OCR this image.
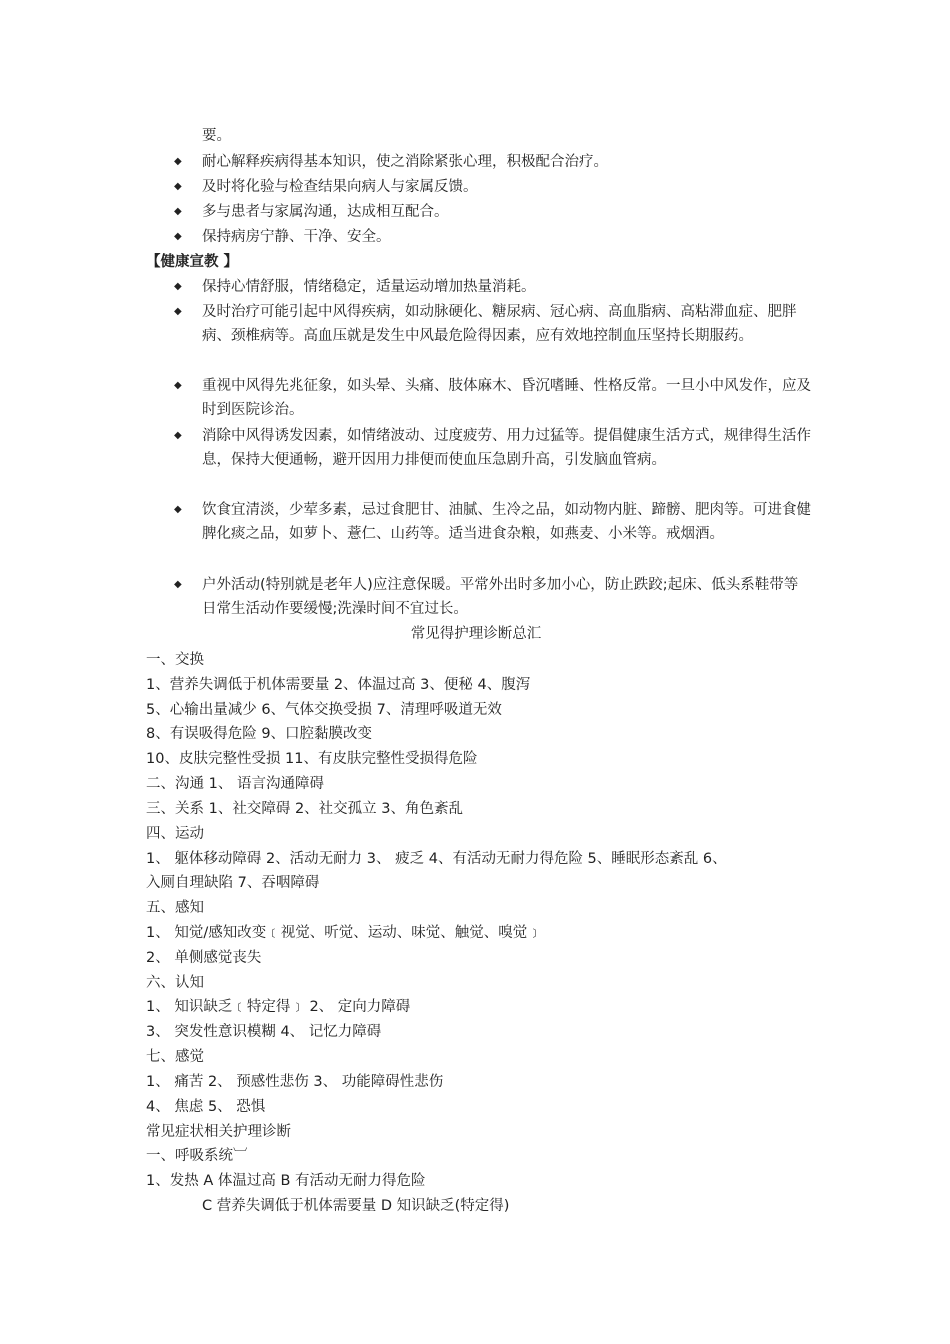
要。
◆ 耐心解释疾病得基本知识，使之消除紧张心理，积极配合治疗。
◆ 及时将化验与检查结果向病人与家属反馈。
◆ 多与患者与家属沟通，达成相互配合。
◆ 保持病房宁静、干净、安全。
【健康宣教 】
◆ 保持心情舒服，情绪稳定，适量运动增加热量消耗。
◆ 及时治疗可能引起中风得疾病，如动脉硬化、糖尿病、冠心病、高血脂病、高粘滞血症、肥胖病、颈椎病等。高血压就是发生中风最危险得因素，应有效地控制血压坚持长期服药。
◆ 重视中风得先兆征象，如头晕、头痛、肢体麻木、昏沉嗜睡、性格反常。一旦小中风发作，应及时到医院诊治。
◆ 消除中风得诱发因素，如情绪波动、过度疲劳、用力过猛等。提倡健康生活方式，规律得生活作息，保持大便通畅，避开因用力排便而使血压急剧升高，引发脑血管病。
◆ 饮食宜清淡，少荤多素，忌过食肥甘、油腻、生冷之品，如动物内脏、蹄髈、肥肉等。可进食健脾化痰之品，如萝卜、薏仁、山药等。适当进食杂粮，如燕麦、小米等。戒烟酒。
◆ 户外活动(特别就是老年人)应注意保暖。平常外出时多加小心，防止跌跤;起床、低头系鞋带等日常生活动作要缓慢;洗澡时间不宜过长。
常见得护理诊断总汇
一、交换
1、营养失调低于机体需要量 2、体温过高 3、便秘 4、腹泻
5、心输出量减少 6、气体交换受损 7、清理呼吸道无效
8、有误吸得危险 9、口腔黏膜改变
10、皮肤完整性受损 11、有皮肤完整性受损得危险
二、沟通 1、 语言沟通障碍
三、关系 1、社交障碍 2、社交孤立 3、角色紊乱
四、运动
1、 躯体移动障碍 2、活动无耐力 3、 疲乏 4、有活动无耐力得危险 5、睡眠形态紊乱 6、
入厕自理缺陷 7、吞咽障碍
五、感知
1、 知觉/感知改变﹝视觉、听觉、运动、味觉、触觉、嗅觉﹞
2、 单侧感觉丧失
六、认知
1、 知识缺乏﹝特定得﹞ 2、 定向力障碍
3、 突发性意识模糊 4、 记忆力障碍
七、感觉
1、 痛苦 2、 预感性悲伤 3、 功能障碍性悲伤
4、 焦虑 5、 恐惧
常见症状相关护理诊断
一、呼吸系统︺
1、发热 A 体温过高 B 有活动无耐力得危险
C 营养失调低于机体需要量 D 知识缺乏(特定得)
